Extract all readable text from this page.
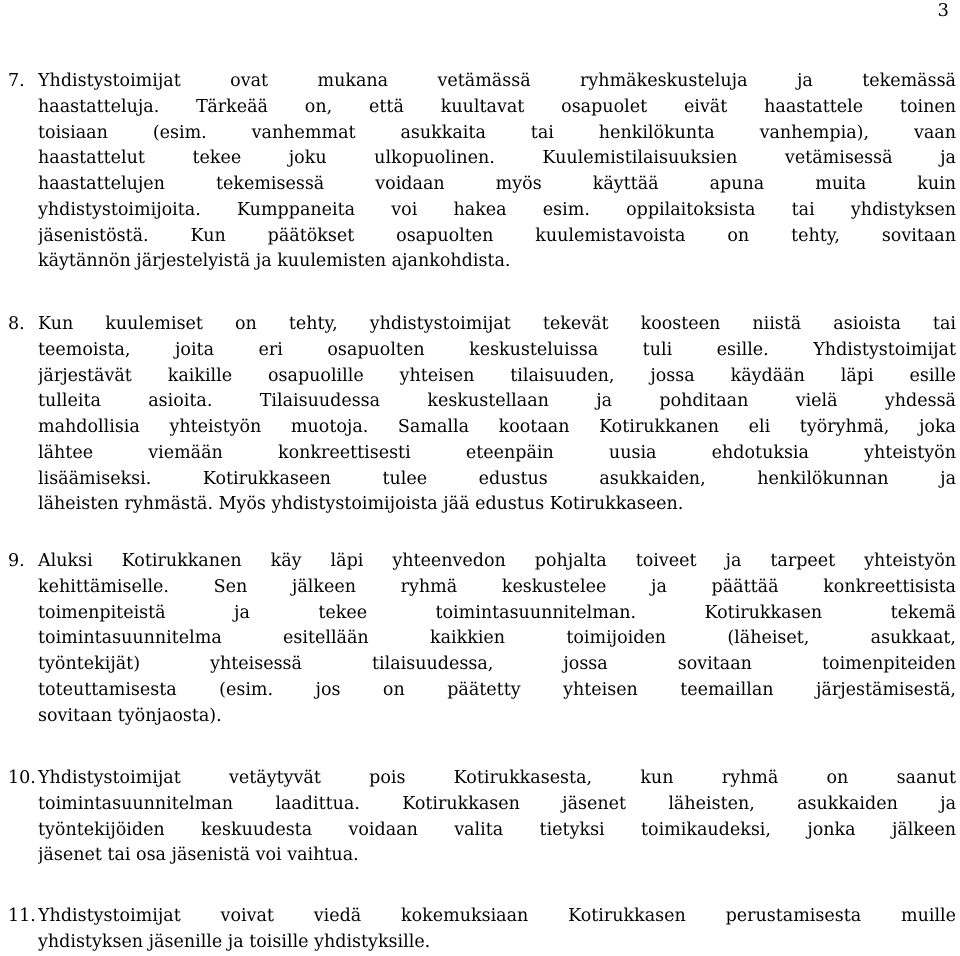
3
7. Yhdistystoimijat ovat mukana vetämässä ryhmäkeskusteluja ja tekemässä
haastatteluja. Tärkeää on, että kuultavat osapuolet eivät haastattele toinen
toisiaan (esim. vanhemmat asukkaita tai henkilökunta vanhempia), vaan
haastattelut tekee joku ulkopuolinen. Kuulemistilaisuuksien vetämisessä ja
haastattelujen tekemisessä voidaan myös käyttää apuna muita kuin
yhdistystoimijoita. Kumppaneita voi hakea esim. oppilaitoksista tai yhdistyksen
jäsenistöstä. Kun päätökset osapuolten kuulemistavoista on tehty, sovitaan
käytännön järjestelyistä ja kuulemisten ajankohdista.
8. Kun kuulemiset on tehty, yhdistystoimijat tekevät koosteen niistä asioista tai
teemoista, joita eri osapuolten keskusteluissa tuli esille. Yhdistystoimijat
järjestävät kaikille osapuolille yhteisen tilaisuuden, jossa käydään läpi esille
tulleita asioita. Tilaisuudessa keskustellaan ja pohditaan vielä yhdessä
mahdollisia yhteistyön muotoja. Samalla kootaan Kotirukkanen eli työryhmä, joka
lähtee viemään konkreettisesti eteenpäin uusia ehdotuksia yhteistyön
lisäämiseksi. Kotirukkaseen tulee edustus asukkaiden, henkilökunnan ja
läheisten ryhmästä. Myös yhdistystoimijoista jää edustus Kotirukkaseen.
9. Aluksi Kotirukkanen käy läpi yhteenvedon pohjalta toiveet ja tarpeet yhteistyön
kehittämiselle. Sen jälkeen ryhmä keskustelee ja päättää konkreettisista
toimenpiteistä ja tekee toimintasuunnitelman. Kotirukkasen tekemä
toimintasuunnitelma esitellään kaikkien toimijoiden (läheiset, asukkaat,
työntekijät) yhteisessä tilaisuudessa, jossa sovitaan toimenpiteiden
toteuttamisesta (esim. jos on päätetty yhteisen teemaillan järjestämisestä,
sovitaan työnjaosta).
10. Yhdistystoimijat vetäytyvät pois Kotirukkasesta, kun ryhmä on saanut
toimintasuunnitelman laadittua. Kotirukkasen jäsenet läheisten, asukkaiden ja
työntekijöiden keskuudesta voidaan valita tietyksi toimikaudeksi, jonka jälkeen
jäsenet tai osa jäsenistä voi vaihtua.
11. Yhdistystoimijat voivat viedä kokemuksiaan Kotirukkasen perustamisesta muille
yhdistyksen jäsenille ja toisille yhdistyksille.
